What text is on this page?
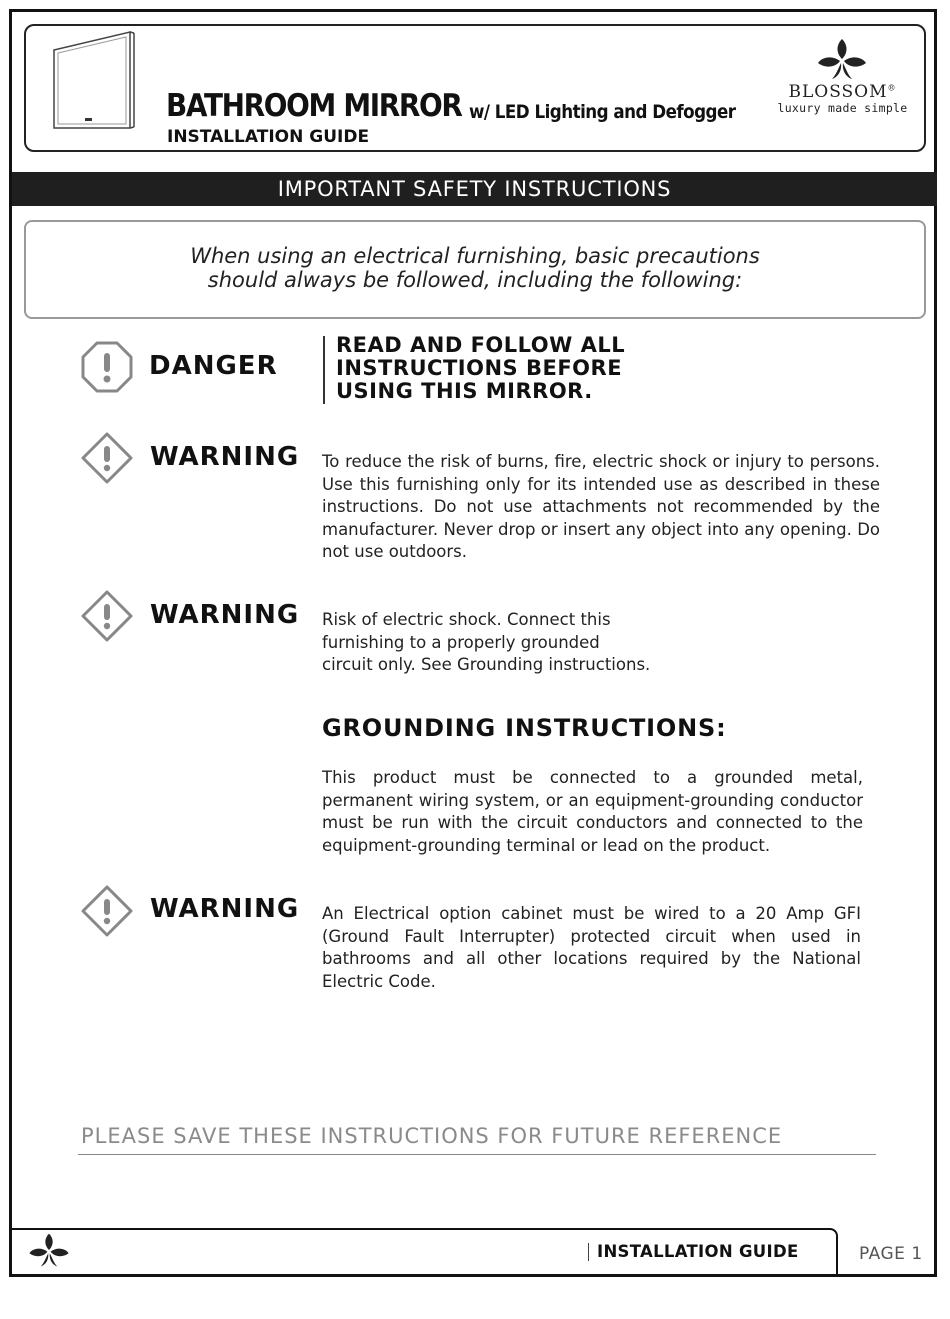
BATHROOM MIRROR w/ LED Lighting and Defogger
INSTALLATION GUIDE
BLOSSOM®
luxury made simple
IMPORTANT SAFETY INSTRUCTIONS
When using an electrical furnishing, basic precautions
should always be followed, including the following:
DANGER
READ AND FOLLOW ALL
INSTRUCTIONS BEFORE
USING THIS MIRROR.
WARNING To reduce the risk of burns, fire, electric shock or injury to persons. Use this furnishing only for its intended use as described in these instructions. Do not use attachments not recommended by the manufacturer. Never drop or insert any object into any opening. Do not use outdoors.
WARNING Risk of electric shock. Connect this
furnishing to a properly grounded
circuit only. See Grounding instructions.
GROUNDING INSTRUCTIONS:
This product must be connected to a grounded metal, permanent wiring system, or an equipment-grounding conductor must be run with the circuit conductors and connected to the equipment-grounding terminal or lead on the product.
WARNING An Electrical option cabinet must be wired to a 20 Amp GFI (Ground Fault Interrupter) protected circuit when used in bathrooms and all other locations required by the National Electric Code.
PLEASE SAVE THESE INSTRUCTIONS FOR FUTURE REFERENCE
INSTALLATION GUIDE	PAGE 1
